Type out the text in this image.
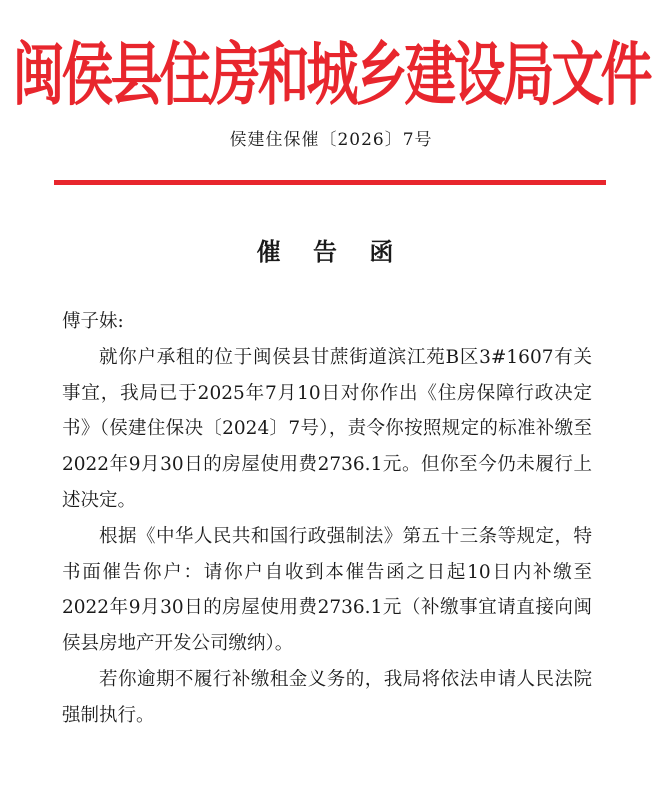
闽侯县住房和城乡建设局文件
侯建住保催〔2026〕7号
催 告 函

傅子妹:

就你户承租的位于闽侯县甘蔗街道滨江苑B区3#1607有关事宜，我局已于2025年7月10日对你作出《住房保障行政决定书》（侯建住保决〔2024〕7号），责令你按照规定的标准补缴至2022年9月30日的房屋使用费2736.1元。但你至今仍未履行上述决定。

根据《中华人民共和国行政强制法》第五十三条等规定，特书面催告你户：请你户自收到本催告函之日起10日内补缴至2022年9月30日的房屋使用费2736.1元（补缴事宜请直接向闽侯县房地产开发公司缴纳）。

若你逾期不履行补缴租金义务的，我局将依法申请人民法院强制执行。
